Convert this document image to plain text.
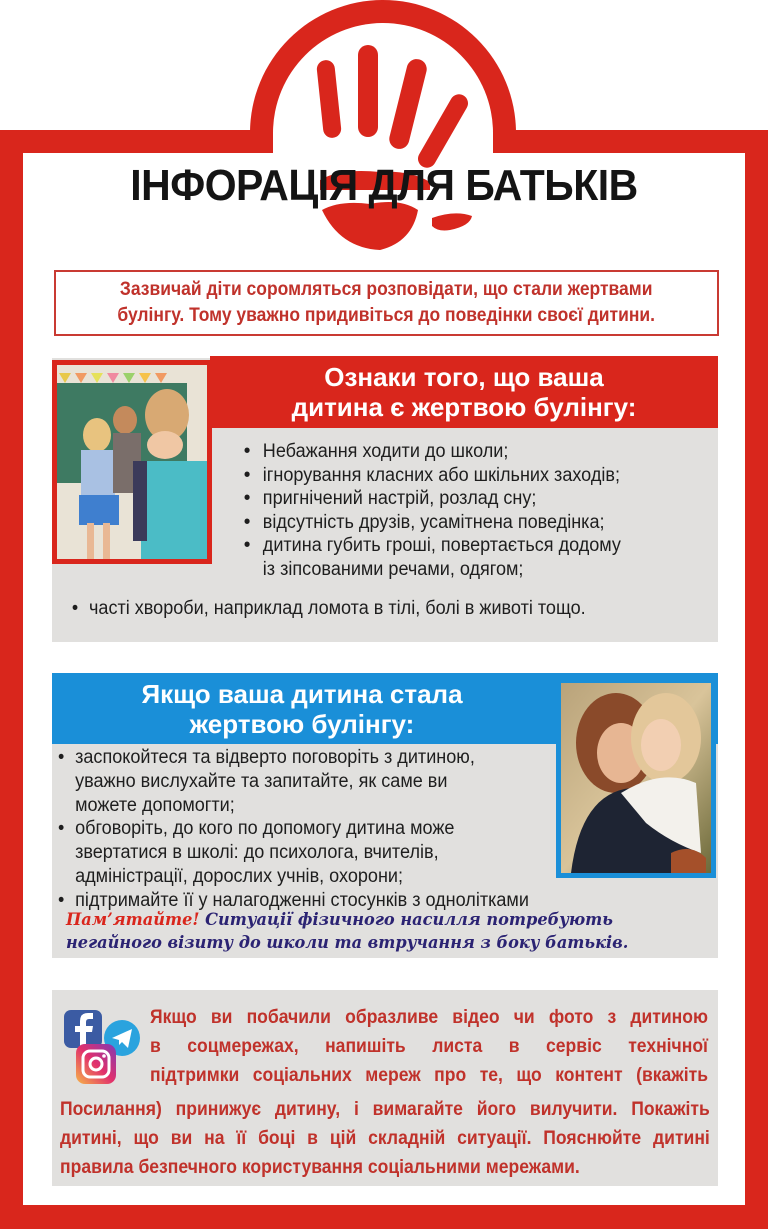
ІНФОРАЦІЯ ДЛЯ БАТЬКІВ
Зазвичай діти соромляться розповідати, що стали жертвами
булінгу. Тому уважно придивіться до поведінки своєї дитини.
Ознаки того, що ваша
дитина є жертвою булінгу:
• Небажання ходити до школи;
• ігнорування класних або шкільних заходів;
• пригнічений настрій, розлад сну;
• відсутність друзів, усамітнена поведінка;
• дитина губить гроші, повертається додому
із зіпсованими речами, одягом;
• часті хвороби, наприклад ломота в тілі, болі в животі тощо.
Якщо ваша дитина стала
жертвою булінгу:
• заспокойтеся та відверто поговоріть з дитиною,
уважно вислухайте та запитайте, як саме ви
можете допомогти;
• обговоріть, до кого по допомогу дитина може
звертатися в школі: до психолога, вчителів,
адміністрації, дорослих учнів, охорони;
• підтримайте її у налагодженні стосунків з однолітками
Пам’ятайте! Ситуації фізичного насилля потребують
негайного візиту до школи та втручання з боку батьків.
Якщо ви побачили образливе відео чи фото з дитиною
в соцмережах, напишіть листа в сервіс технічної
підтримки соціальних мереж про те, що контент (вкажіть
Посилання) принижує дитину, і вимагайте його вилучити. Покажіть
дитині, що ви на її боці в цій складній ситуації. Пояснюйте дитині
правила безпечного користування соціальними мережами.
